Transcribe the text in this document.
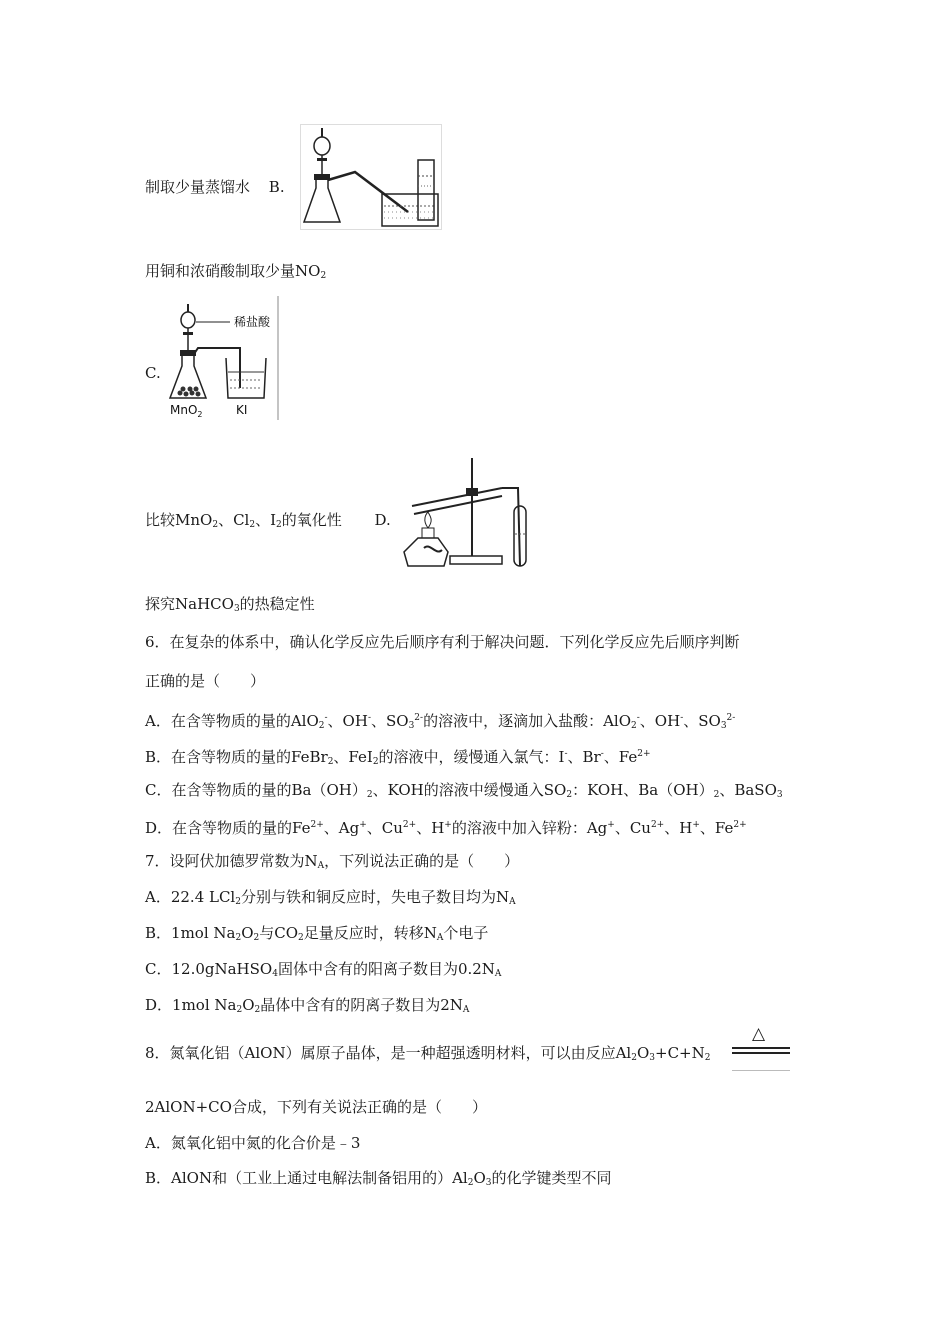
制取少量蒸馏水 B.
用铜和浓硝酸制取少量$NO_2$
C.
稀盐酸
MnO$_2$	KI
比较MnO$_2$、$Cl_2$、$I_2$的氧化性 D.
探究NaHCO$_3$的热稳定性
6．在复杂的体系中，确认化学反应先后顺序有利于解决问题．下列化学反应先后顺序判断
正确的是（　　）
A．在含等物质的量的AlO$_2$-、OH-、$SO_3^{2-}$的溶液中，逐滴加入盐酸：AlO$_2$-、OH-、$SO_3^{2-}$
B．在含等物质的量的FeBr$_2$、FeI$_2$的溶液中，缓慢通入氯气：I-、Br-、$Fe^{2+}$
C．在含等物质的量的$Ba(OH)_2$、KOH的溶液中缓慢通入$SO_2$：KOH、$Ba(OH)_2$、BaSO$_3$
D．在含等物质的量的$Fe^{2+}$、Ag+、$Cu^{2+}$、H+的溶液中加入锌粉：Ag+、$Cu^{2+}$、H+、$Fe^{2+}$
7．设阿伏加德罗常数为$N_A$，下列说法正确的是（　　）
A．22.4 LCl$_2$分别与铁和铜反应时，失电子数目均为$N_A$
B．1mol $Na_2O_2$与$CO_2$足量反应时，转移$N_A$个电子
C．12.0gNaHSO$_4$固体中含有的阳离子数目为$0.2N_A$
D．1mol $Na_2O_2$晶体中含有的阴离子数目为$2N_A$
8．氮氧化铝（AlON）属原子晶体，是一种超强透明材料，可以由反应$Al_2O_3+C+N_2$
△
2AlON+CO合成，下列有关说法正确的是（　　）
A．氮氧化铝中氮的化合价是﹣3
B．AlON和（工业上通过电解法制备铝用的）$Al_2O_3$的化学键类型不同
